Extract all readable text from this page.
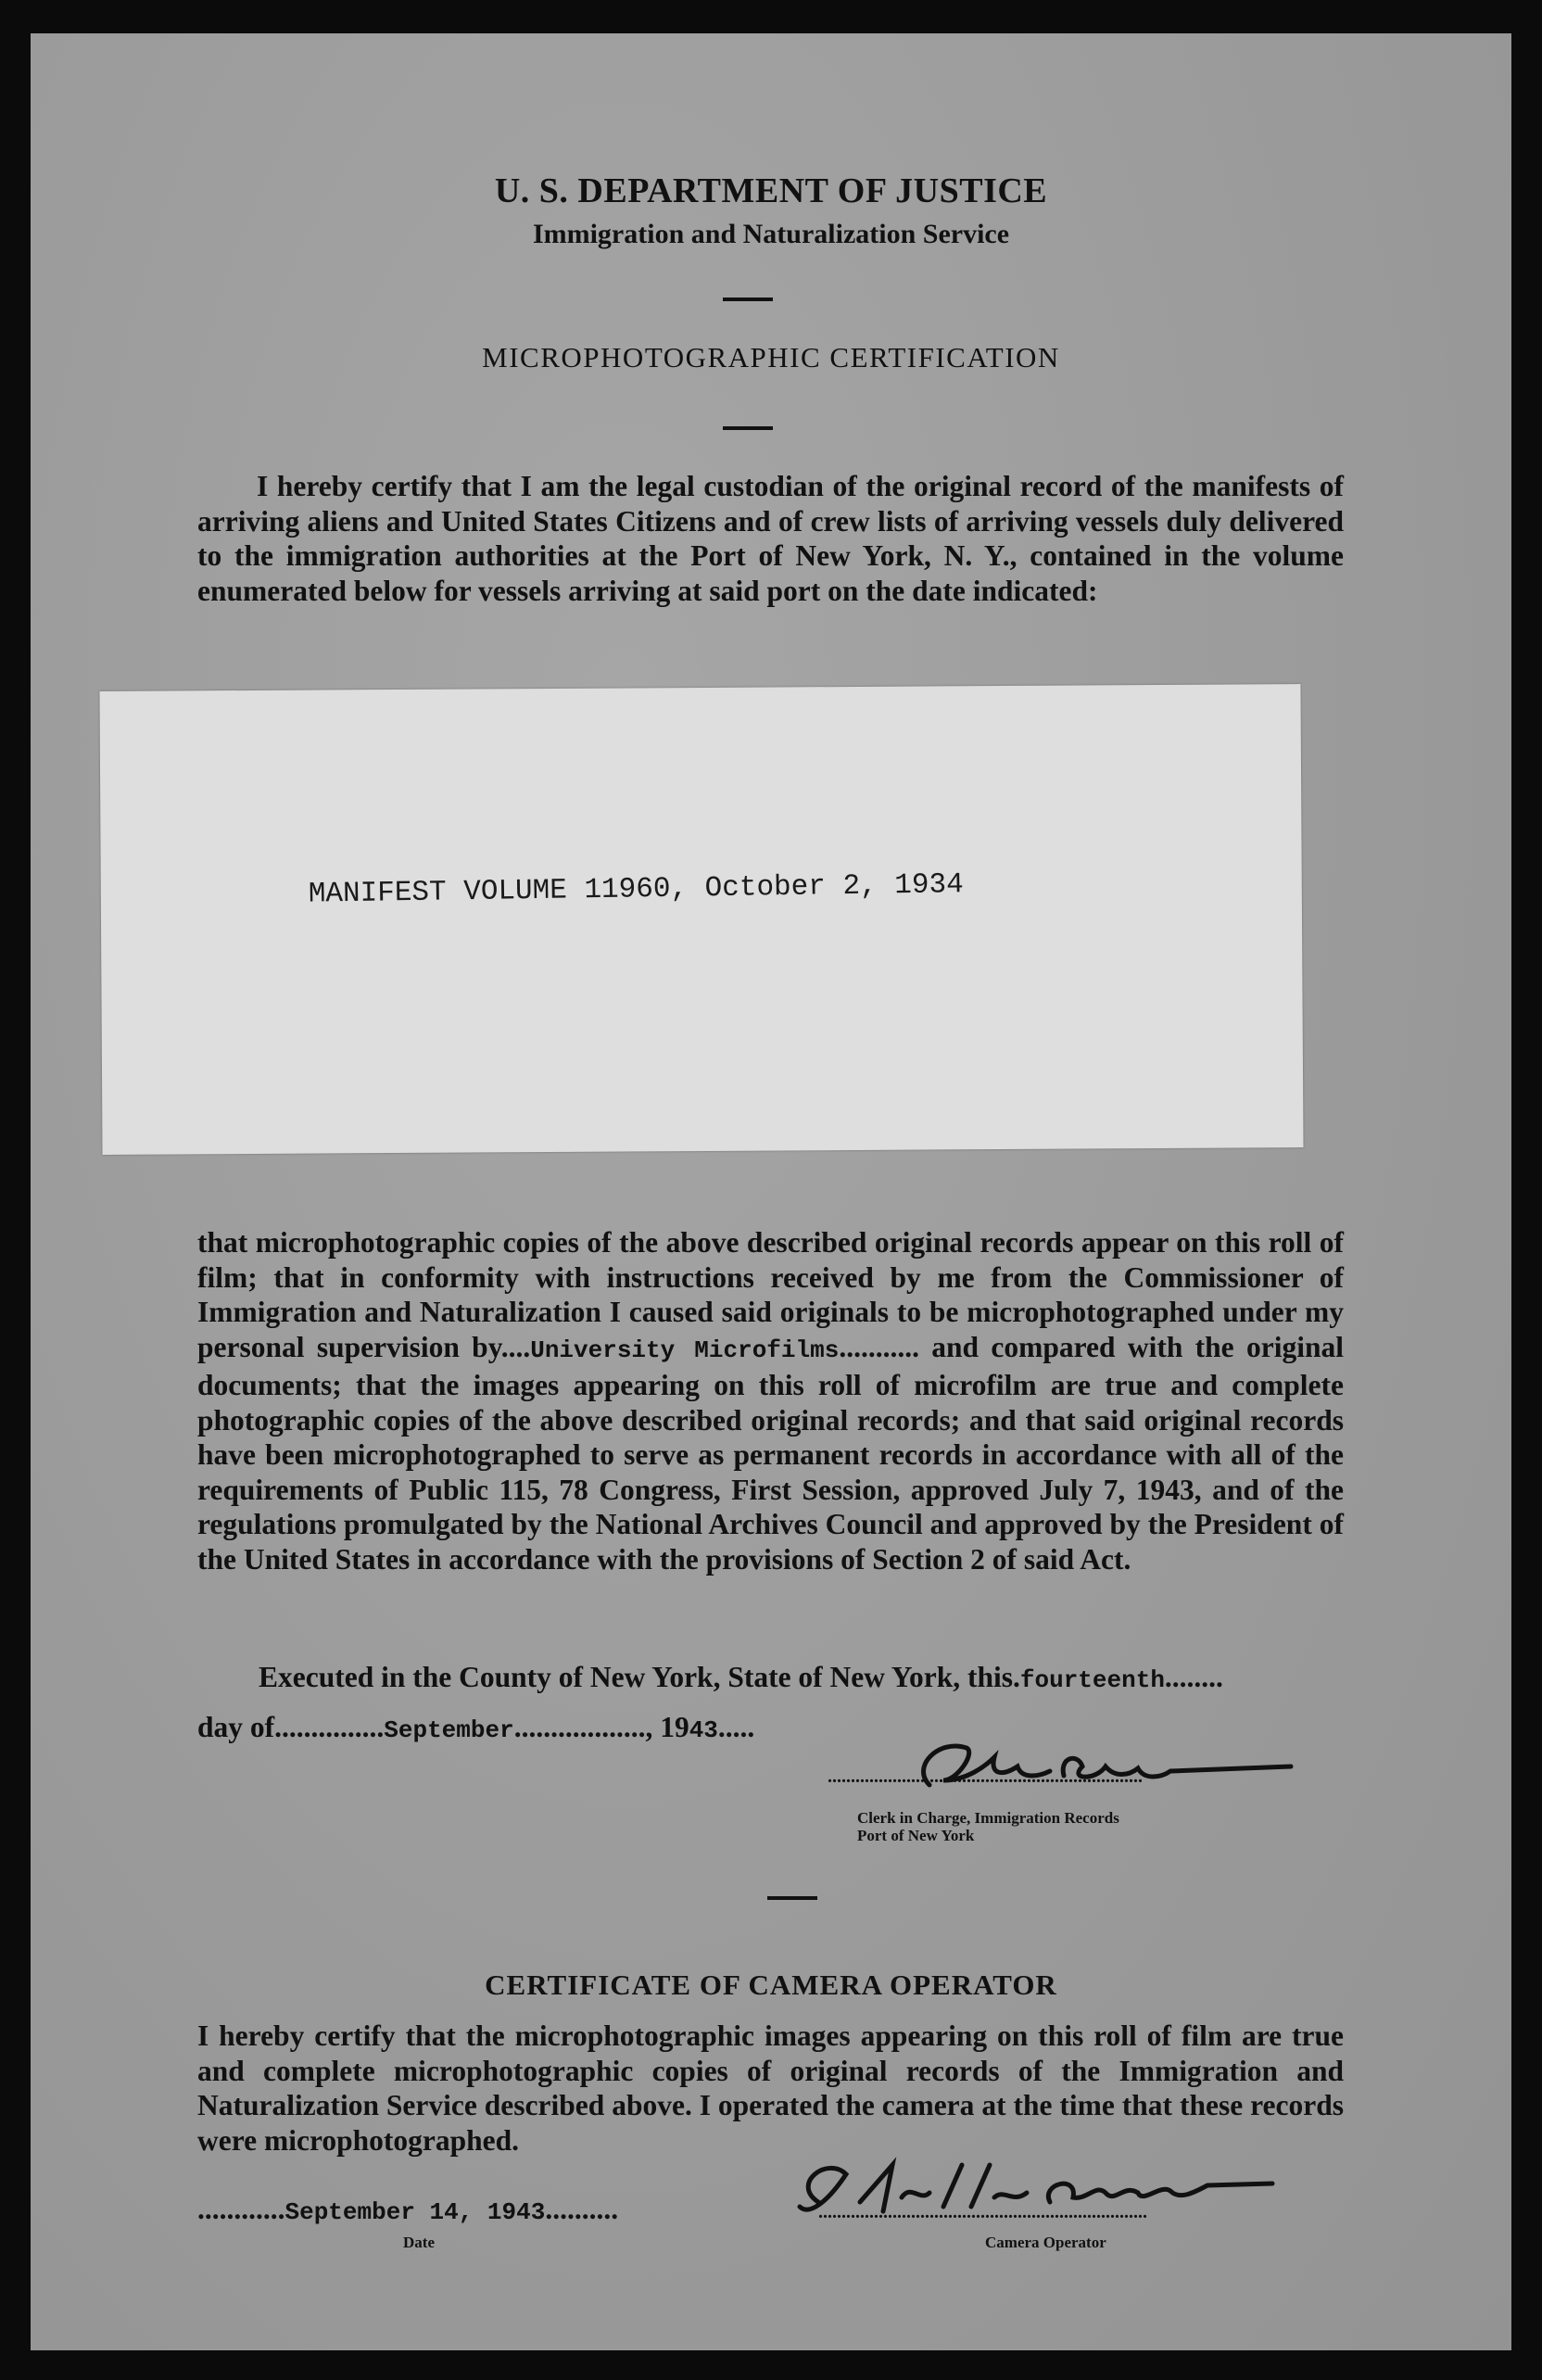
U. S. DEPARTMENT OF JUSTICE
Immigration and Naturalization Service
MICROPHOTOGRAPHIC CERTIFICATION
I hereby certify that I am the legal custodian of the original record of the manifests of arriving aliens and United States Citizens and of crew lists of arriving vessels duly delivered to the immigration authorities at the Port of New York, N. Y., contained in the volume enumerated below for vessels arriving at said port on the date indicated:
MANIFEST VOLUME 11960, October 2, 1934
that microphotographic copies of the above described original records appear on this roll of film; that in conformity with instructions received by me from the Commissioner of Immigration and Naturalization I caused said originals to be microphotographed under my personal supervision by....University Microfilms........... and compared with the original documents; that the images appearing on this roll of microfilm are true and complete photographic copies of the above described original records; and that said original records have been microphotographed to serve as permanent records in accordance with all of the requirements of Public 115, 78 Congress, First Session, approved July 7, 1943, and of the regulations promulgated by the National Archives Council and approved by the President of the United States in accordance with the provisions of Section 2 of said Act.
Executed in the County of New York, State of New York, this.fourteenth........
day of...............September.................., 1943.....
....................................................................
Clerk in Charge, Immigration Records
Port of New York
CERTIFICATE OF CAMERA OPERATOR
I hereby certify that the microphotographic images appearing on this roll of film are true and complete microphotographic copies of original records of the Immigration and Naturalization Service described above. I operated the camera at the time that these records were microphotographed.
............September 14, 1943..........
Date
.......................................................................
Camera Operator
